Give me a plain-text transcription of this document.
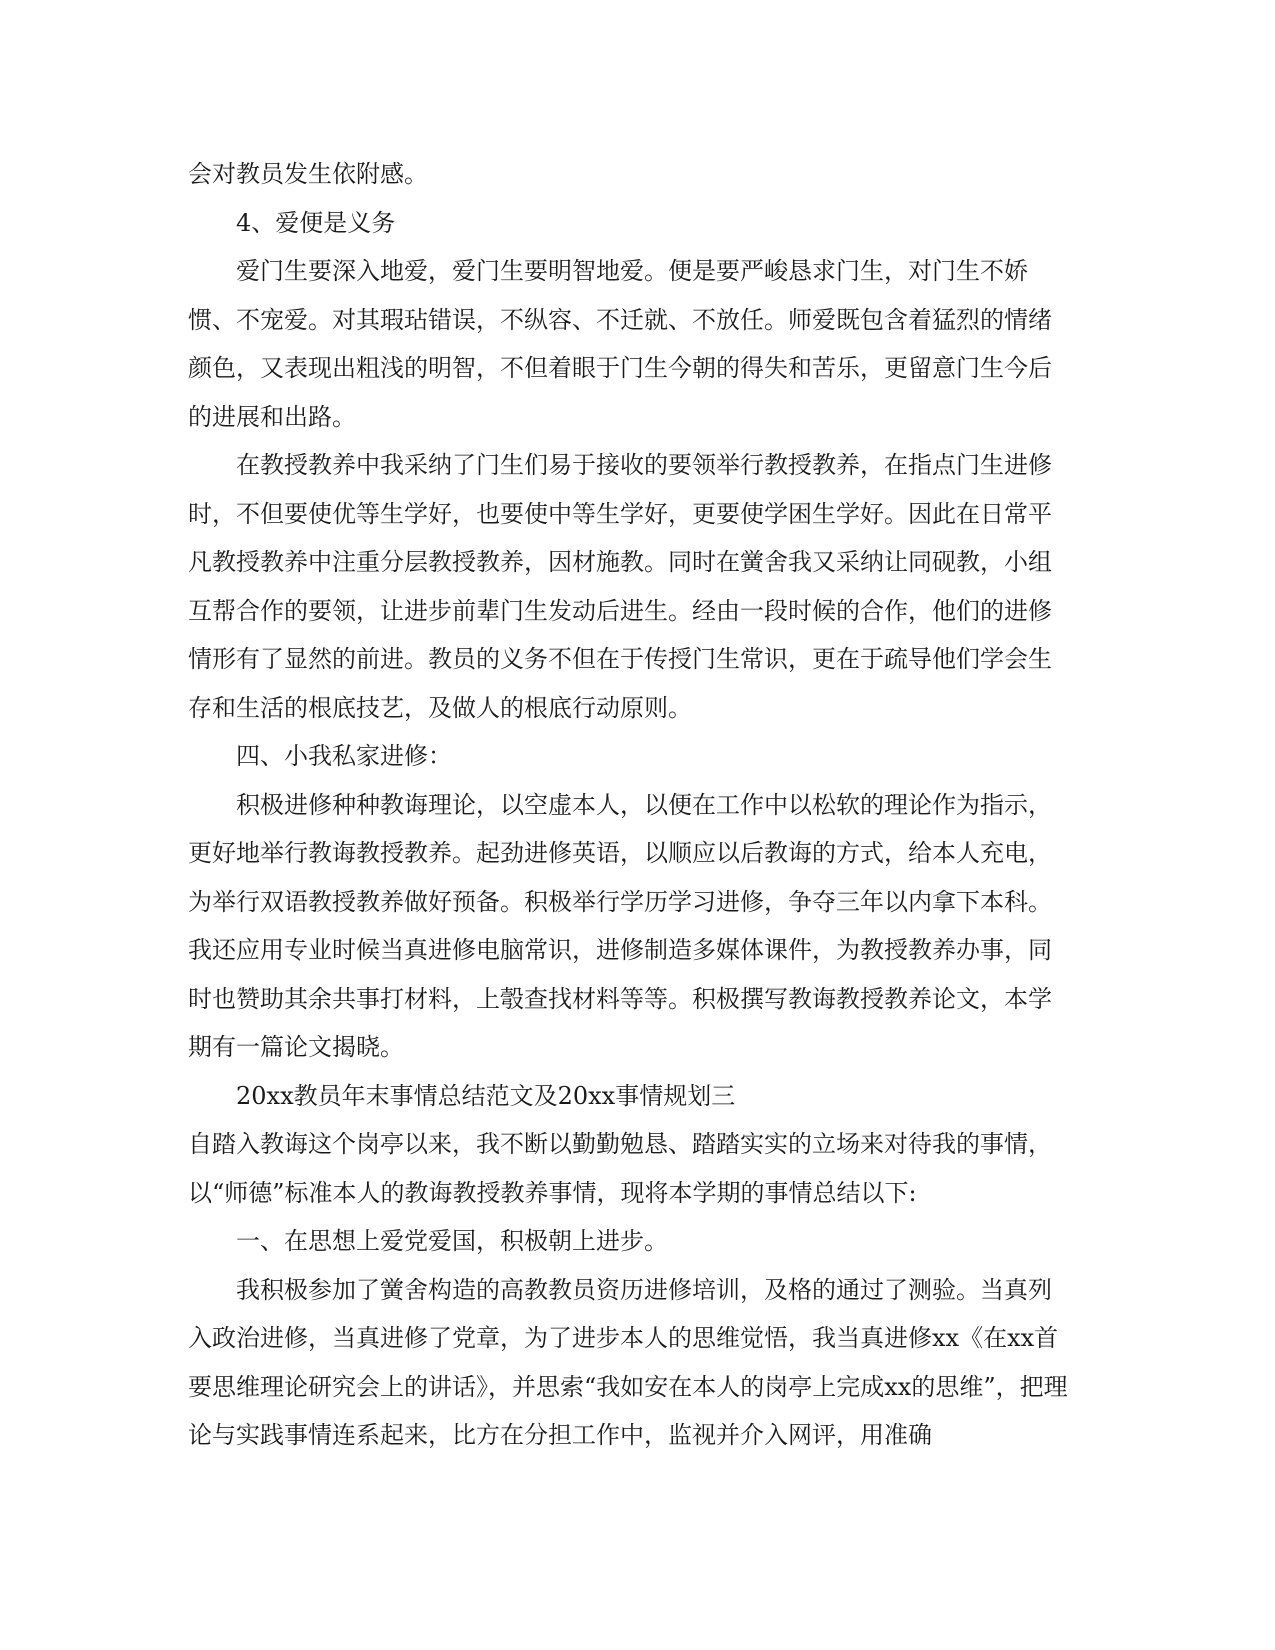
会对教员发生依附感。

4、爱便是义务

爱门生要深入地爱，爱门生要明智地爱。便是要严峻恳求门生，对门生不娇惯、不宠爱。对其瑕玷错误，不纵容、不迁就、不放任。师爱既包含着猛烈的情绪颜色，又表现出粗浅的明智，不但着眼于门生今朝的得失和苦乐，更留意门生今后的进展和出路。

在教授教养中我采纳了门生们易于接收的要领举行教授教养，在指点门生进修时，不但要使优等生学好，也要使中等生学好，更要使学困生学好。因此在日常平凡教授教养中注重分层教授教养，因材施教。同时在黉舍我又采纳让同砚教，小组互帮合作的要领，让进步前辈门生发动后进生。经由一段时候的合作，他们的进修情形有了显然的前进。教员的义务不但在于传授门生常识，更在于疏导他们学会生存和生活的根底技艺，及做人的根底行动原则。

四、小我私家进修：

积极进修种种教诲理论，以空虚本人，以便在工作中以松软的理论作为指示，更好地举行教诲教授教养。起劲进修英语，以顺应以后教诲的方式，给本人充电，为举行双语教授教养做好预备。积极举行学历学习进修，争夺三年以内拿下本科。我还应用专业时候当真进修电脑常识，进修制造多媒体课件，为教授教养办事，同时也赞助其余共事打材料，上彀查找材料等等。积极撰写教诲教授教养论文，本学期有一篇论文揭晓。

20xx教员年末事情总结范文及20xx事情规划三

自踏入教诲这个岗亭以来，我不断以勤勤勉恳、踏踏实实的立场来对待我的事情，以“师德”标准本人的教诲教授教养事情，现将本学期的事情总结以下:

一、在思想上爱党爱国，积极朝上进步。

我积极参加了黉舍构造的高教教员资历进修培训，及格的通过了测验。当真列入政治进修，当真进修了党章，为了进步本人的思维觉悟，我当真进修xx《在xx首要思维理论研究会上的讲话》，并思索“我如安在本人的岗亭上完成xx的思维”，把理论与实践事情连系起来，比方在分担工作中，监视并介入网评，用准确
